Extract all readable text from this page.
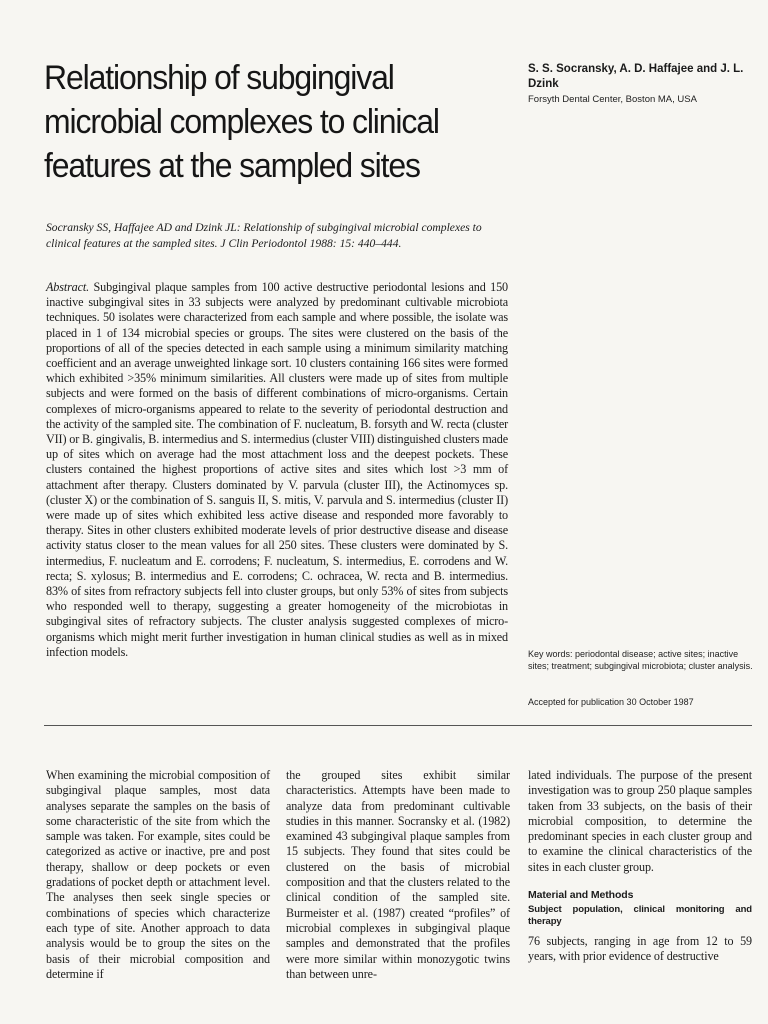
Relationship of subgingival microbial complexes to clinical features at the sampled sites
S. S. Socransky, A. D. Haffajee and J. L. Dzink
Forsyth Dental Center, Boston MA, USA
Socransky SS, Haffajee AD and Dzink JL: Relationship of subgingival microbial complexes to clinical features at the sampled sites. J Clin Periodontol 1988: 15: 440–444.
Abstract. Subgingival plaque samples from 100 active destructive periodontal lesions and 150 inactive subgingival sites in 33 subjects were analyzed by predominant cultivable microbiota techniques. 50 isolates were characterized from each sample and where possible, the isolate was placed in 1 of 134 microbial species or groups. The sites were clustered on the basis of the proportions of all of the species detected in each sample using a minimum similarity matching coefficient and an average unweighted linkage sort. 10 clusters containing 166 sites were formed which exhibited >35% minimum similarities. All clusters were made up of sites from multiple subjects and were formed on the basis of different combinations of micro-organisms. Certain complexes of micro-organisms appeared to relate to the severity of periodontal destruction and the activity of the sampled site. The combination of F. nucleatum, B. forsyth and W. recta (cluster VII) or B. gingivalis, B. intermedius and S. intermedius (cluster VIII) distinguished clusters made up of sites which on average had the most attachment loss and the deepest pockets. These clusters contained the highest proportions of active sites and sites which lost >3 mm of attachment after therapy. Clusters dominated by V. parvula (cluster III), the Actinomyces sp. (cluster X) or the combination of S. sanguis II, S. mitis, V. parvula and S. intermedius (cluster II) were made up of sites which exhibited less active disease and responded more favorably to therapy. Sites in other clusters exhibited moderate levels of prior destructive disease and disease activity status closer to the mean values for all 250 sites. These clusters were dominated by S. intermedius, F. nucleatum and E. corrodens; F. nucleatum, S. intermedius, E. corrodens and W. recta; S. xylosus; B. intermedius and E. corrodens; C. ochracea, W. recta and B. intermedius. 83% of sites from refractory subjects fell into cluster groups, but only 53% of sites from subjects who responded well to therapy, suggesting a greater homogeneity of the microbiotas in subgingival sites of refractory subjects. The cluster analysis suggested complexes of micro-organisms which might merit further investigation in human clinical studies as well as in mixed infection models.	Key words: periodontal disease; active sites; inactive sites; treatment; subgingival microbiota; cluster analysis.
Accepted for publication 30 October 1987

When examining the microbial composition of subgingival plaque samples, most data analyses separate the samples on the basis of some characteristic of the site from which the sample was taken. For example, sites could be categorized as active or inactive, pre and post therapy, shallow or deep pockets or even gradations of pocket depth or attachment level. The analyses then seek single species or combinations of species which characterize each type of site. Another approach to data analysis would be to group the sites on the basis of their microbial composition and determine if

the grouped sites exhibit similar characteristics. Attempts have been made to analyze data from predominant cultivable studies in this manner. Socransky et al. (1982) examined 43 subgingival plaque samples from 15 subjects. They found that sites could be clustered on the basis of microbial composition and that the clusters related to the clinical condition of the sampled site. Burmeister et al. (1987) created “profiles” of microbial complexes in subgingival plaque samples and demonstrated that the profiles were more similar within monozygotic twins than between unre-

lated individuals. The purpose of the present investigation was to group 250 plaque samples taken from 33 subjects, on the basis of their microbial composition, to determine the predominant species in each cluster group and to examine the clinical characteristics of the sites in each cluster group.

Material and Methods
Subject population, clinical monitoring and therapy

76 subjects, ranging in age from 12 to 59 years, with prior evidence of destructive
